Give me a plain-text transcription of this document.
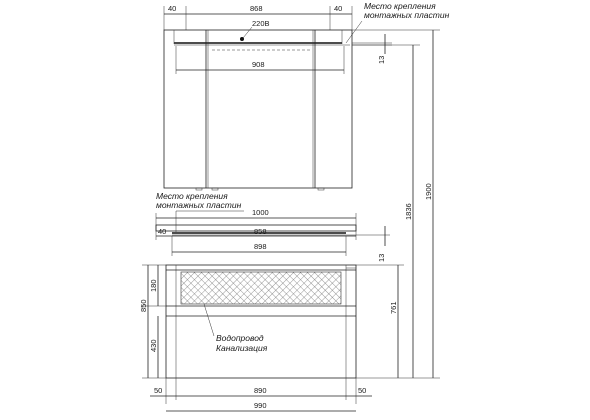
40	868	40	Место крепления
монтажных пластин
220В
908
13
1836
1900
Место крепления
монтажных пластин
1000
40	858
898
13
Водопровод
Канализация
850
180
430
761
50	890	50
990
